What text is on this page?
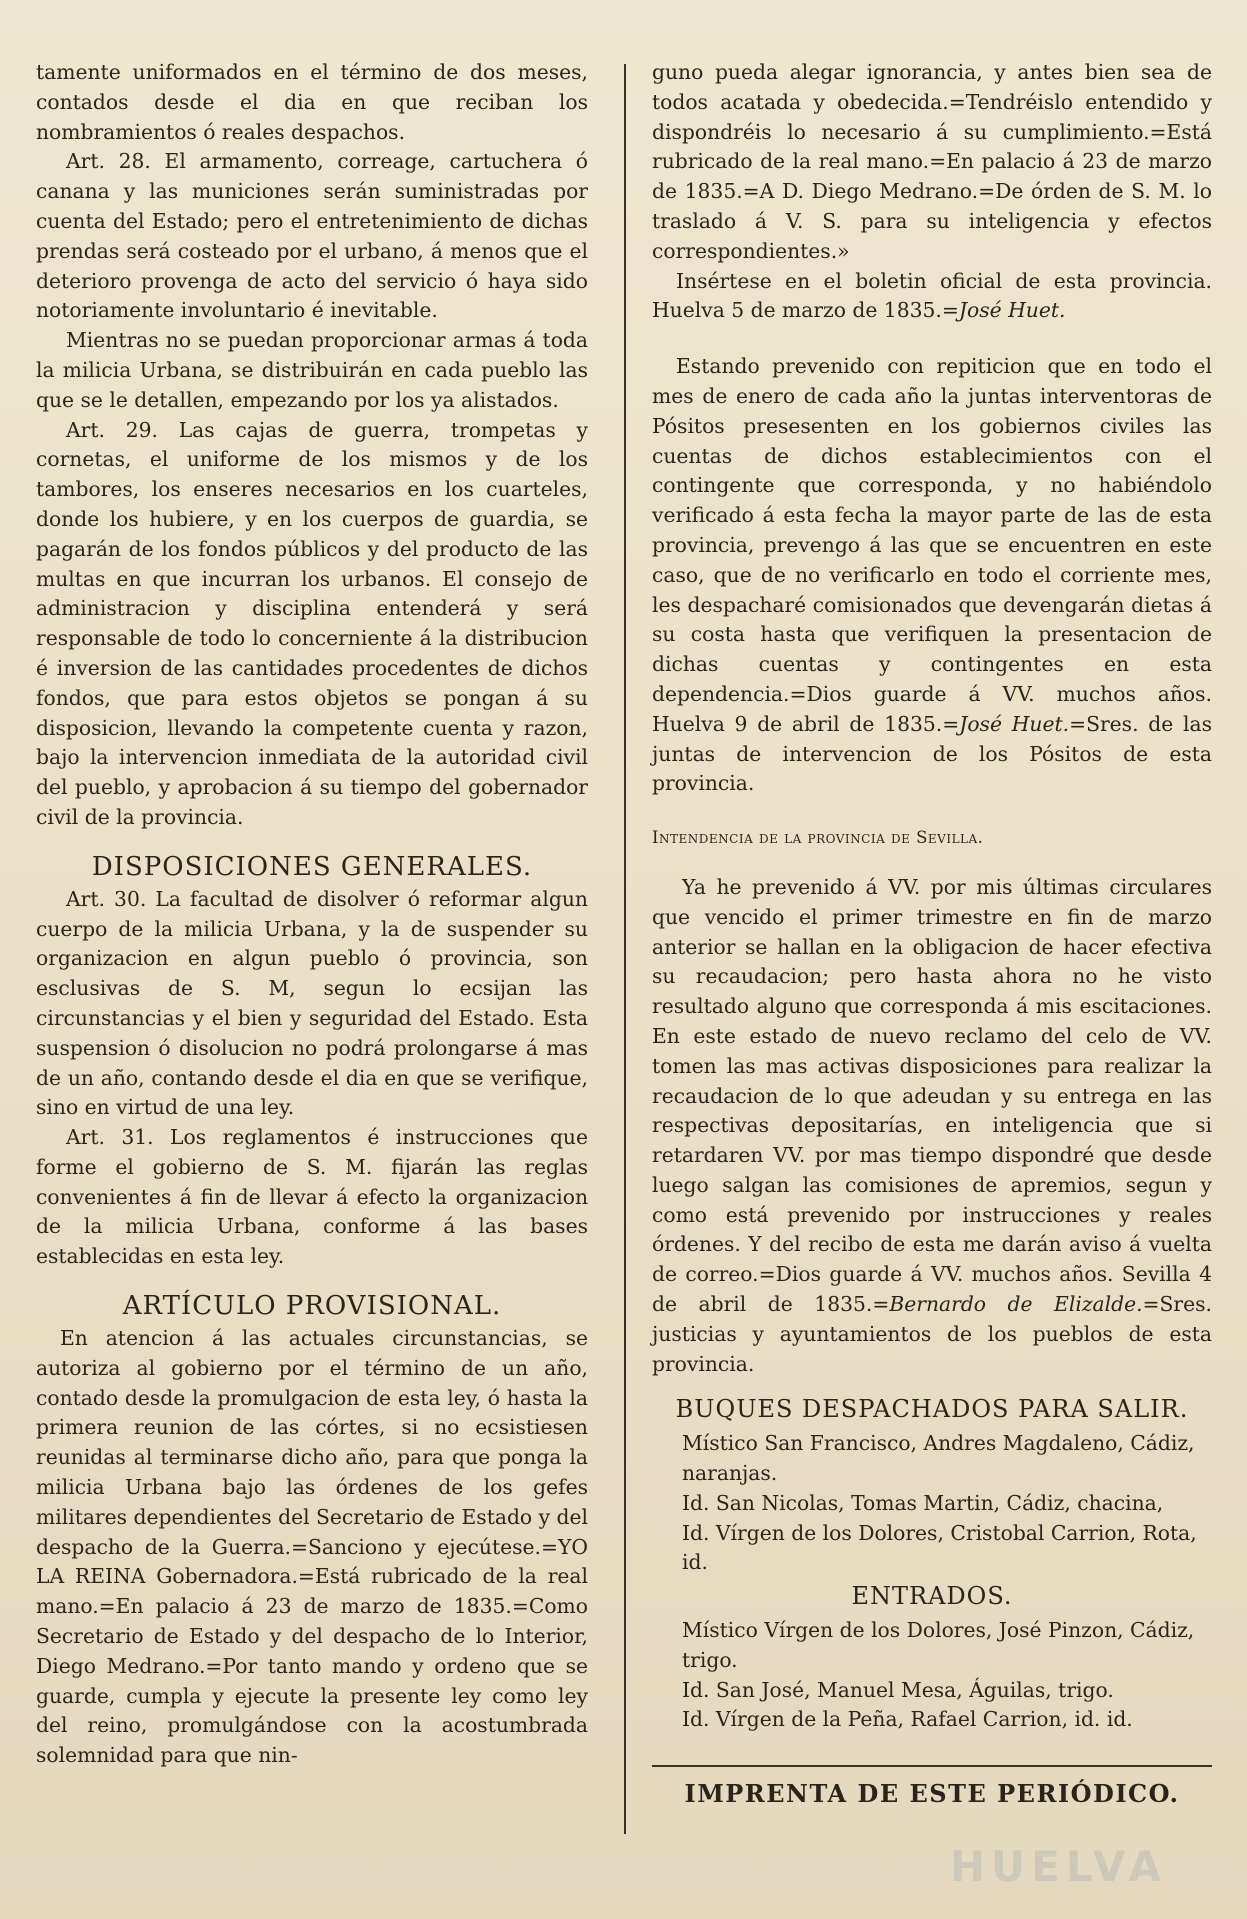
tamente uniformados en el término de dos meses, contados desde el dia en que reciban los nombramientos ó reales despachos.

Art. 28. El armamento, correage, cartuchera ó canana y las municiones serán suministradas por cuenta del Estado; pero el entretenimiento de dichas prendas será costeado por el urbano, á menos que el deterioro provenga de acto del servicio ó haya sido notoriamente involuntario é inevitable.

Mientras no se puedan proporcionar armas á toda la milicia Urbana, se distribuirán en cada pueblo las que se le detallen, empezando por los ya alistados.

Art. 29. Las cajas de guerra, trompetas y cornetas, el uniforme de los mismos y de los tambores, los enseres necesarios en los cuarteles, donde los hubiere, y en los cuerpos de guardia, se pagarán de los fondos públicos y del producto de las multas en que incurran los urbanos. El consejo de administracion y disciplina entenderá y será responsable de todo lo concerniente á la distribucion é inversion de las cantidades procedentes de dichos fondos, que para estos objetos se pongan á su disposicion, llevando la competente cuenta y razon, bajo la intervencion inmediata de la autoridad civil del pueblo, y aprobacion á su tiempo del gobernador civil de la provincia.

DISPOSICIONES GENERALES.

Art. 30. La facultad de disolver ó reformar algun cuerpo de la milicia Urbana, y la de suspender su organizacion en algun pueblo ó provincia, son esclusivas de S. M, segun lo ecsijan las circunstancias y el bien y seguridad del Estado. Esta suspension ó disolucion no podrá prolongarse á mas de un año, contando desde el dia en que se verifique, sino en virtud de una ley.

Art. 31. Los reglamentos é instrucciones que forme el gobierno de S. M. fijarán las reglas convenientes á fin de llevar á efecto la organizacion de la milicia Urbana, conforme á las bases establecidas en esta ley.

ARTÍCULO PROVISIONAL.

En atencion á las actuales circunstancias, se autoriza al gobierno por el término de un año, contado desde la promulgacion de esta ley, ó hasta la primera reunion de las córtes, si no ecsistiesen reunidas al terminarse dicho año, para que ponga la milicia Urbana bajo las órdenes de los gefes militares dependientes del Secretario de Estado y del despacho de la Guerra.=Sanciono y ejecútese.=YO LA REINA Gobernadora.=Está rubricado de la real mano.=En palacio á 23 de marzo de 1835.=Como Secretario de Estado y del despacho de lo Interior, Diego Medrano.=Por tanto mando y ordeno que se guarde, cumpla y ejecute la presente ley como ley del reino, promulgándose con la acostumbrada solemnidad para que nin-

guno pueda alegar ignorancia, y antes bien sea de todos acatada y obedecida.=Tendréislo entendido y dispondréis lo necesario á su cumplimiento.=Está rubricado de la real mano.=En palacio á 23 de marzo de 1835.=A D. Diego Medrano.=De órden de S. M. lo traslado á V. S. para su inteligencia y efectos correspondientes.»

Insértese en el boletin oficial de esta provincia. Huelva 5 de marzo de 1835.=José Huet.

Estando prevenido con repiticion que en todo el mes de enero de cada año la juntas interventoras de Pósitos presesenten en los gobiernos civiles las cuentas de dichos establecimientos con el contingente que corresponda, y no habiéndolo verificado á esta fecha la mayor parte de las de esta provincia, prevengo á las que se encuentren en este caso, que de no verificarlo en todo el corriente mes, les despacharé comisionados que devengarán dietas á su costa hasta que verifiquen la presentacion de dichas cuentas y contingentes en esta dependencia.=Dios guarde á VV. muchos años. Huelva 9 de abril de 1835.=José Huet.=Sres. de las juntas de intervencion de los Pósitos de esta provincia.

Intendencia de la provincia de Sevilla.

Ya he prevenido á VV. por mis últimas circulares que vencido el primer trimestre en fin de marzo anterior se hallan en la obligacion de hacer efectiva su recaudacion; pero hasta ahora no he visto resultado alguno que corresponda á mis escitaciones. En este estado de nuevo reclamo del celo de VV. tomen las mas activas disposiciones para realizar la recaudacion de lo que adeudan y su entrega en las respectivas depositarías, en inteligencia que si retardaren VV. por mas tiempo dispondré que desde luego salgan las comisiones de apremios, segun y como está prevenido por instrucciones y reales órdenes. Y del recibo de esta me darán aviso á vuelta de correo.=Dios guarde á VV. muchos años. Sevilla 4 de abril de 1835.=Bernardo de Elizalde.=Sres. justicias y ayuntamientos de los pueblos de esta provincia.

BUQUES DESPACHADOS PARA SALIR.

Místico San Francisco, Andres Magdaleno, Cádiz, naranjas.

Id. San Nicolas, Tomas Martin, Cádiz, chacina,

Id. Vírgen de los Dolores, Cristobal Carrion, Rota, id.

ENTRADOS.

Místico Vírgen de los Dolores, José Pinzon, Cádiz, trigo.

Id. San José, Manuel Mesa, Águilas, trigo.

Id. Vírgen de la Peña, Rafael Carrion, id. id.

IMPRENTA DE ESTE PERIÓDICO.
HUELVA
